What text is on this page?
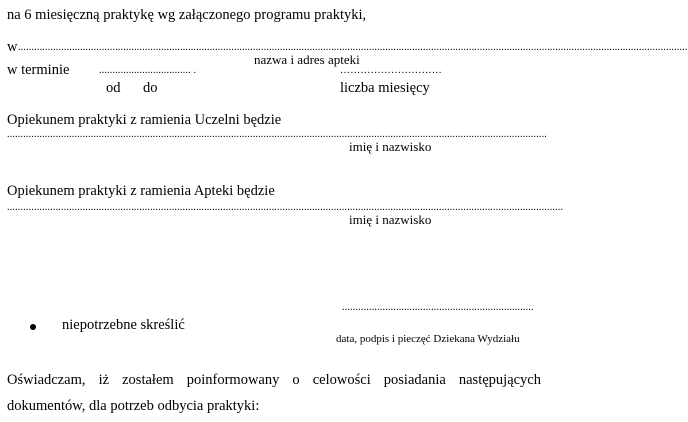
na 6 miesięczną praktykę wg załączonego programu praktyki,
w ........................................................................................................................................................................................................................................................
nazwa i adres apteki
w terminie	.................................. .	…………………………
od do	liczba miesięcy
Opiekunem praktyki z ramienia Uczelni będzie
........................................................................................................................................................................................................
imię i nazwisko
Opiekunem praktyki z ramienia Apteki będzie
..............................................................................................................................................................................................................
imię i nazwisko
.......................................................................
niepotrzebne skreślić
data, podpis i pieczęć Dziekana Wydziału
Oświadczam, iż zostałem poinformowany o celowości posiadania następujących dokumentów, dla potrzeb odbycia praktyki:
